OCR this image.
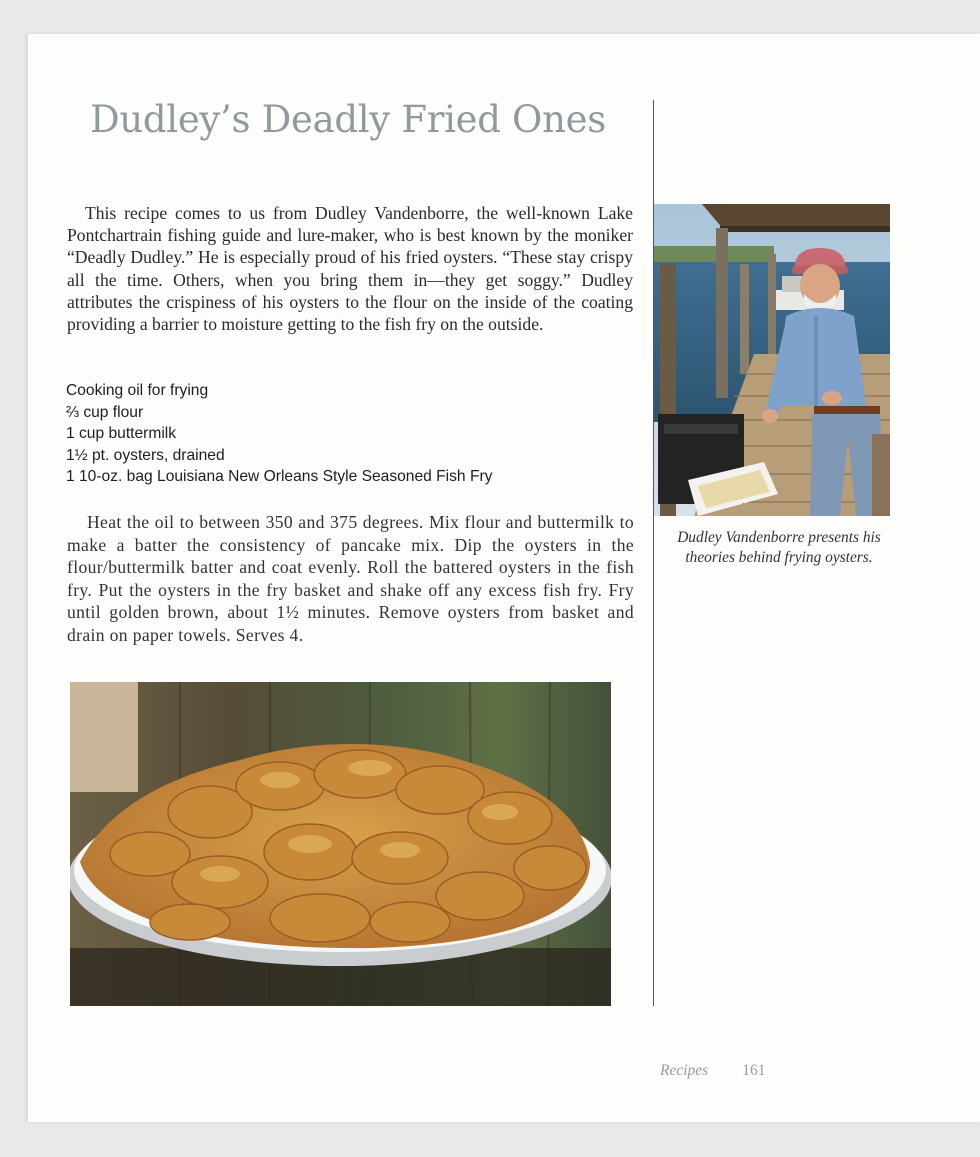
Dudley’s Deadly Fried Ones

This recipe comes to us from Dudley Vandenborre, the well-known Lake Pontchartrain fishing guide and lure-maker, who is best known by the moniker “Deadly Dudley.” He is especially proud of his fried oysters. “These stay crispy all the time. Others, when you bring them in—they get soggy.” Dudley attributes the crispiness of his oysters to the flour on the inside of the coating providing a barrier to moisture getting to the fish fry on the outside.

Cooking oil for frying
⅔ cup flour
1 cup buttermilk
1½ pt. oysters, drained
1 10-oz. bag Louisiana New Orleans Style Seasoned Fish Fry

Heat the oil to between 350 and 375 degrees. Mix flour and buttermilk to make a batter the consistency of pancake mix. Dip the oysters in the flour/buttermilk batter and coat evenly. Roll the battered oysters in the fish fry. Put the oysters in the fry basket and shake off any excess fish fry. Fry until golden brown, about 1½ minutes. Remove oysters from basket and drain on paper towels. Serves 4.

Dudley Vandenborre presents his theories behind frying oysters.

Recipes 161
